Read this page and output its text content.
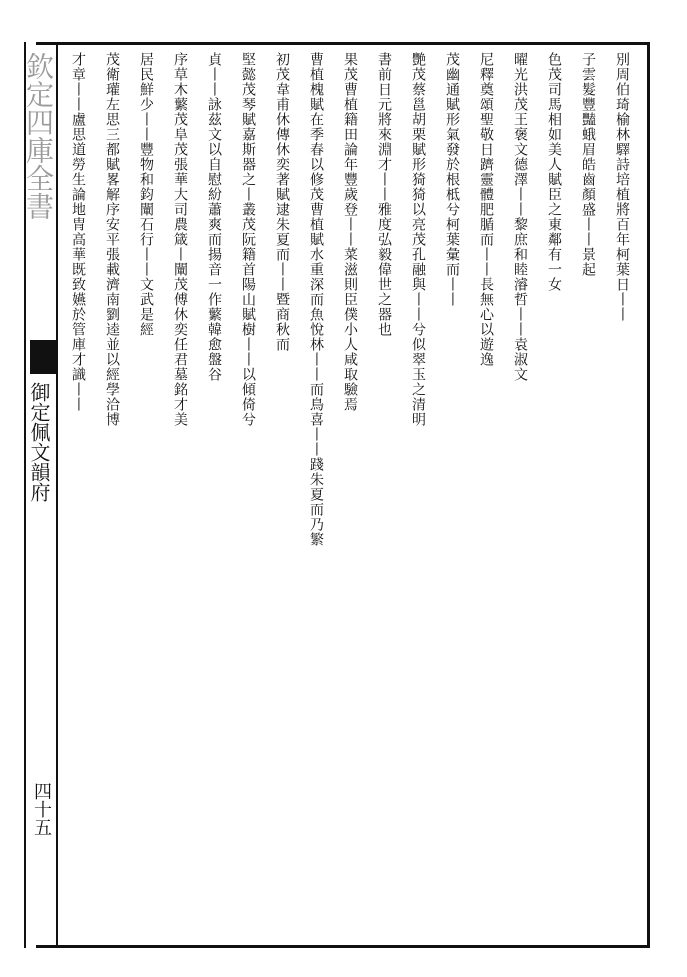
欽定四庫全書
御定佩文韻府
四十五
別周伯琦榆林驛詩培植將百年柯葉日丨丨
子雲髮豐豔蛾眉皓齒顏盛丨丨景起
色茂司馬相如美人賦臣之東鄰有一女
曜光洪茂王褒文德澤丨丨黎庶和睦濬哲丨丨袁淑文
尼釋奠頌聖敬日躋靈體肥腯而丨丨長無心以遊逸
茂幽通賦形氣發於根柢兮柯葉彙而丨丨
艷茂蔡邕胡栗賦形猗猗以亮茂孔融與丨丨兮似翠玉之清明
書前日元將來淵才丨丨雅度弘毅偉世之器也
果茂曹植籍田論年豐歲登丨丨菜滋則臣僕小人咸取驗焉
曹植槐賦在季春以修茂曹植賦水重深而魚悅林丨丨而鳥喜丨丨踐朱夏而乃繁
初茂韋甫休傳休奕著賦逮朱夏而丨丨暨商秋而
堅懿茂琴賦嘉斯器之丨叢茂阮籍首陽山賦樹丨丨以傾倚兮
貞丨丨詠茲文以自慰紛蕭爽而揚音一作蘩韓愈盤谷
序草木蘩茂阜茂張華大司農箴丨闡茂傅休奕任君墓銘才美
居民鮮少丨丨豐物和鈞闡石行丨丨文武是經
茂衛瓘左思三都賦畧解序安平張載濟南劉逵並以經學洽博
才章丨丨盧思道勞生論地冑高華既致嬿於管庫才識丨丨
